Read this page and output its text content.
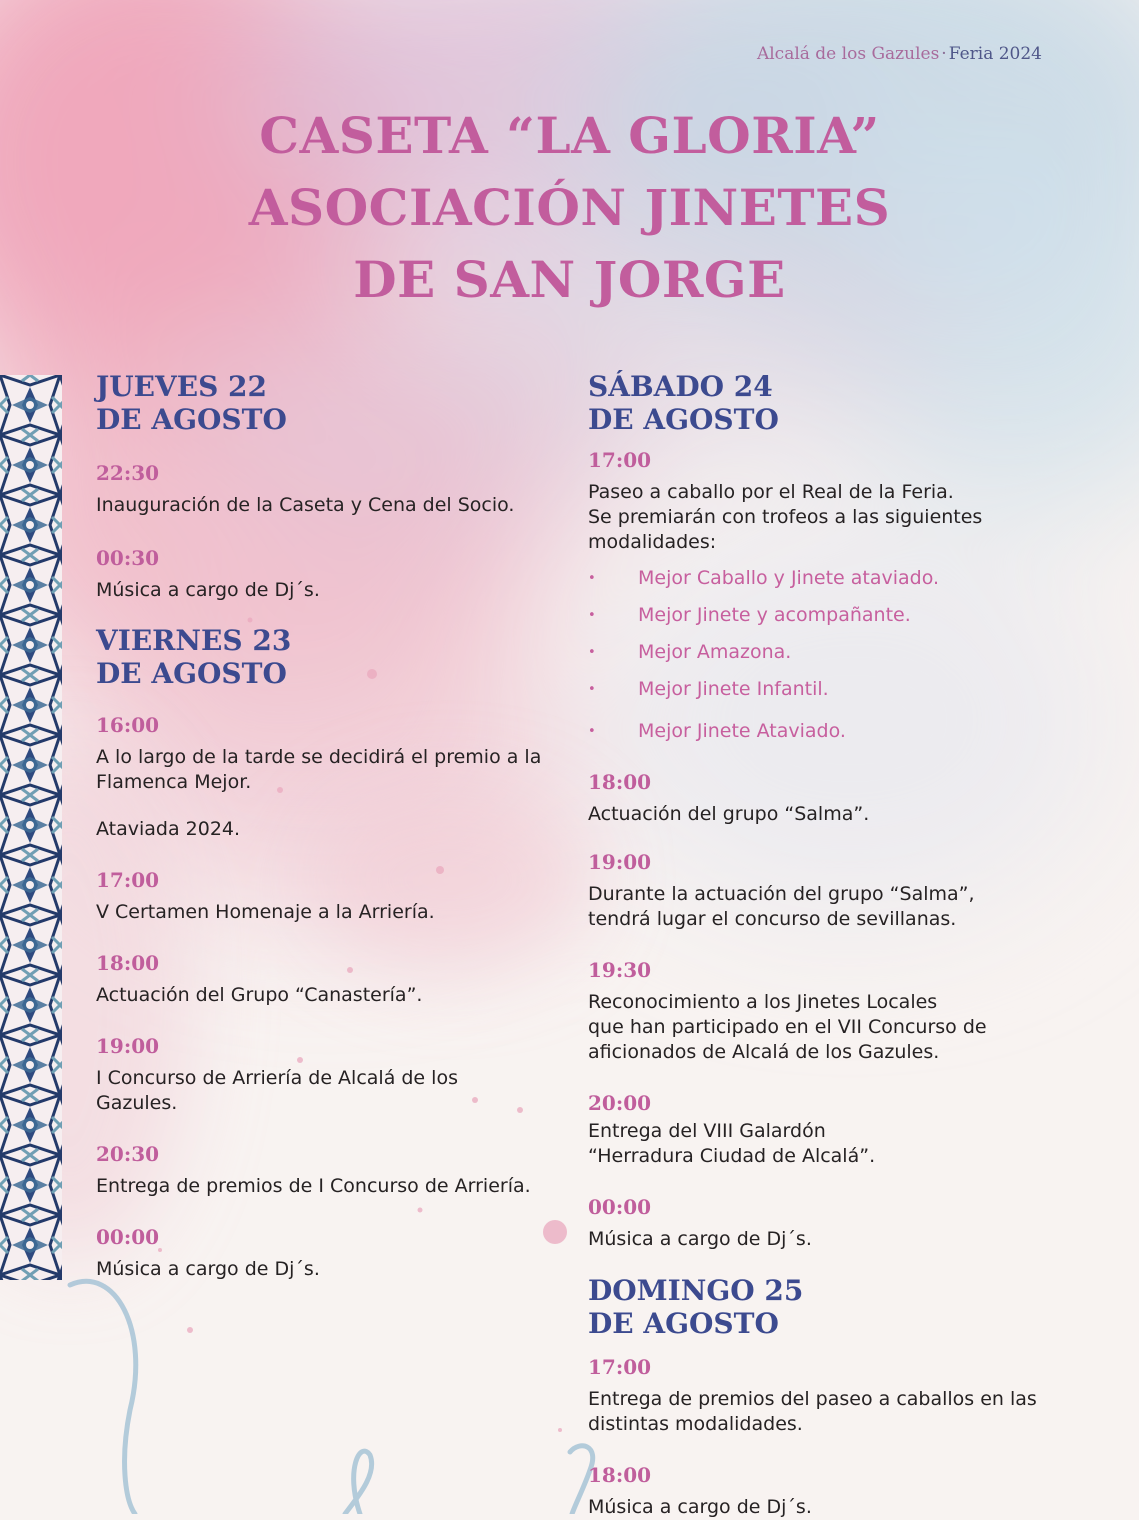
Alcalá de los Gazules · Feria 2024
CASETA “LA GLORIA”
ASOCIACIÓN JINETES
DE SAN JORGE
JUEVES 22
DE AGOSTO
22:30
Inauguración de la Caseta y Cena del Socio.
00:30
Música a cargo de Dj´s.
VIERNES 23
DE AGOSTO
16:00
A lo largo de la tarde se decidirá el premio a la
Flamenca Mejor.
Ataviada 2024.
17:00
V Certamen Homenaje a la Arriería.
18:00
Actuación del Grupo “Canastería”.
19:00
I Concurso de Arriería de Alcalá de los
Gazules.
20:30
Entrega de premios de I Concurso de Arriería.
00:00
Música a cargo de Dj´s.
SÁBADO 24
DE AGOSTO
17:00
Paseo a caballo por el Real de la Feria.
Se premiarán con trofeos a las siguientes
modalidades:
• Mejor Caballo y Jinete ataviado.
• Mejor Jinete y acompañante.
• Mejor Amazona.
• Mejor Jinete Infantil.
• Mejor Jinete Ataviado.
18:00
Actuación del grupo “Salma”.
19:00
Durante la actuación del grupo “Salma”,
tendrá lugar el concurso de sevillanas.
19:30
Reconocimiento a los Jinetes Locales
que han participado en el VII Concurso de
aficionados de Alcalá de los Gazules.
20:00
Entrega del VIII Galardón
“Herradura Ciudad de Alcalá”.
00:00
Música a cargo de Dj´s.
DOMINGO 25
DE AGOSTO
17:00
Entrega de premios del paseo a caballos en las
distintas modalidades.
18:00
Música a cargo de Dj´s.
